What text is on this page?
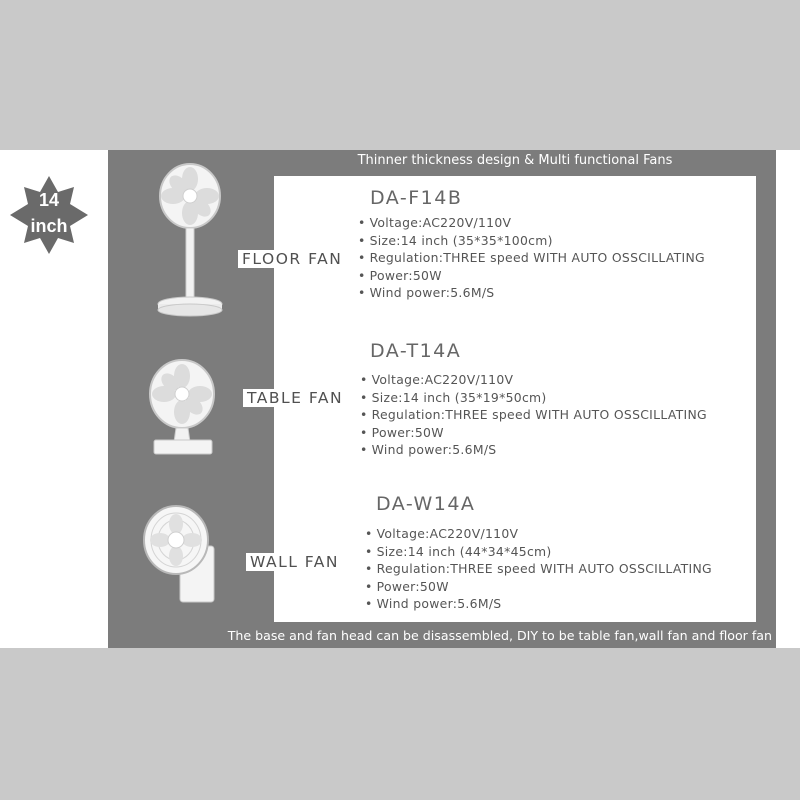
14
inch
Thinner thickness design & Multi functional Fans
FLOOR FAN
DA-F14B
• Voltage:AC220V/110V
• Size:14 inch (35*35*100cm)
• Regulation:THREE speed WITH AUTO OSSCILLATING
• Power:50W
• Wind power:5.6M/S
TABLE FAN
DA-T14A
• Voltage:AC220V/110V
• Size:14 inch (35*19*50cm)
• Regulation:THREE speed WITH AUTO OSSCILLATING
• Power:50W
• Wind power:5.6M/S
WALL FAN
DA-W14A
• Voltage:AC220V/110V
• Size:14 inch (44*34*45cm)
• Regulation:THREE speed WITH AUTO OSSCILLATING
• Power:50W
• Wind power:5.6M/S
The base and fan head can be disassembled, DIY to be table fan,wall fan and floor fan
